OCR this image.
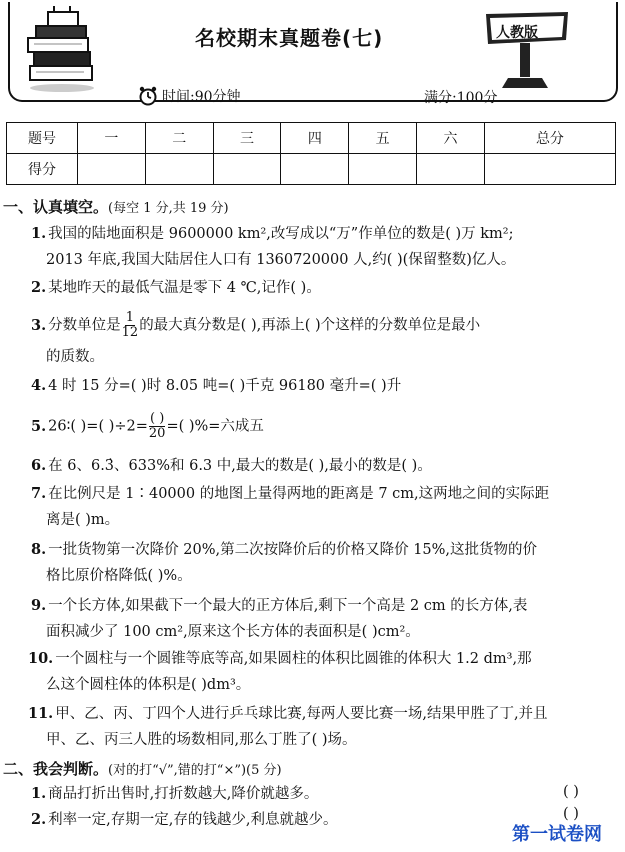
名校期末真题卷(七)	人教版
时间:90分钟	满分:100分
题号	一	二	三	四	五	六	总分
得分							
一、认真填空。(每空 1 分,共 19 分)
1. 我国的陆地面积是 9600000 km²,改写成以“万”作单位的数是( )万 km²;
2013 年底,我国大陆居住人口有 1360720000 人,约( )(保留整数)亿人。
2. 某地昨天的最低气温是零下 4 ℃,记作( )。
3. 分数单位是 $\frac{1}{12}$ 的最大真分数是( ),再添上( )个这样的分数单位是最小
的质数。
4. 4 时 15 分=( )时 8.05 吨=( )千克 96180 毫升=( )升
5. 26∶( )=( )$\div 2= \frac{( )}{20}$ =( )%=六成五
6. 在 6、6.3̇、633%和 6.3 中,最大的数是( ),最小的数是( )。
7. 在比例尺是 1∶40000 的地图上量得两地的距离是 7 cm,这两地之间的实际距
离是( )m。
8. 一批货物第一次降价 20%,第二次按降价后的价格又降价 15%,这批货物的价
格比原价格降低( )%。
9. 一个长方体,如果截下一个最大的正方体后,剩下一个高是 2 cm 的长方体,表
面积减少了 100 cm²,原来这个长方体的表面积是( )cm²。
10. 一个圆柱与一个圆锥等底等高,如果圆柱的体积比圆锥的体积大 1.2 dm³,那
么这个圆柱体的体积是( )dm³。
11. 甲、乙、丙、丁四个人进行乒乓球比赛,每两人要比赛一场,结果甲胜了丁,并且
甲、乙、丙三人胜的场数相同,那么丁胜了( )场。
二、我会判断。(对的打“√”,错的打“×”)(5 分)
1. 商品打折出售时,打折数越大,降价就越多。	( )
2. 利率一定,存期一定,存的钱越少,利息就越少。	( )
第一试卷网
